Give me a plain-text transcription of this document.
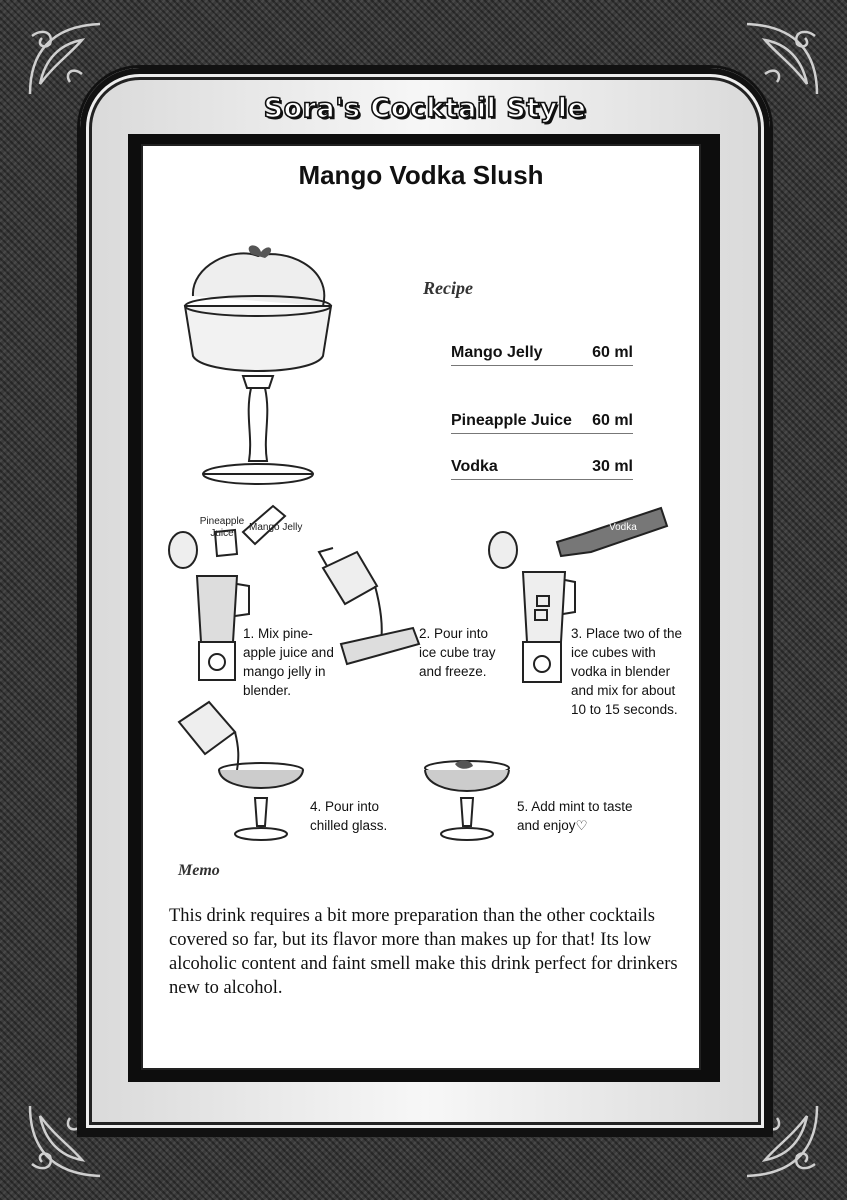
Sora's Cocktail Style
Mango Vodka Slush
Recipe
Mango Jelly	60 ml
Pineapple Juice 60 ml
Vodka	30 ml
Pineapple Juice
Mango Jelly	Vodka
1. Mix pine-apple juice and mango jelly in blender.
2. Pour into ice cube tray and freeze.
3. Place two of the ice cubes with vodka in blender and mix for about 10 to 15 seconds.
4. Pour into chilled glass.
5. Add mint to taste and enjoy♡
Memo
This drink requires a bit more preparation than the other cocktails covered so far, but its flavor more than makes up for that! Its low alcoholic content and faint smell make this drink perfect for drinkers new to alcohol.
